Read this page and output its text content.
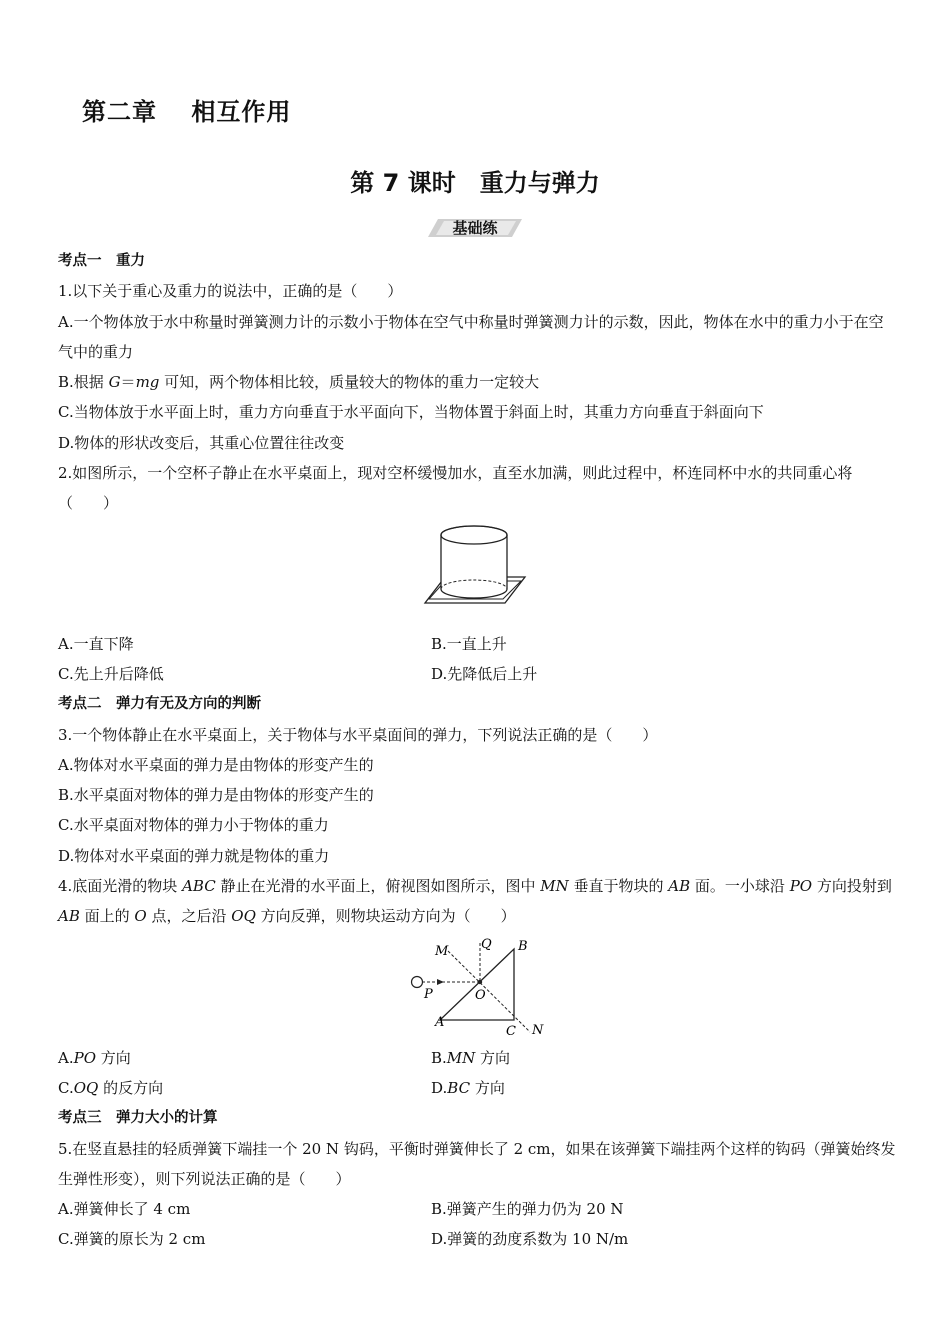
第二章　 相互作用
第 7 课时　重力与弹力
基础练
考点一　重力
1.以下关于重心及重力的说法中，正确的是（　　）
A.一个物体放于水中称量时弹簧测力计的示数小于物体在空气中称量时弹簧测力计的示数，因此，物体在水中的重力小于在空气中的重力
B.根据 G＝mg 可知，两个物体相比较，质量较大的物体的重力一定较大
C.当物体放于水平面上时，重力方向垂直于水平面向下，当物体置于斜面上时，其重力方向垂直于斜面向下
D.物体的形状改变后，其重心位置往往改变
2.如图所示，一个空杯子静止在水平桌面上，现对空杯缓慢加水，直至水加满，则此过程中，杯连同杯中水的共同重心将（　　）
A.一直下降	B.一直上升
C.先上升后降低	D.先降低后上升
考点二　弹力有无及方向的判断
3.一个物体静止在水平桌面上，关于物体与水平桌面间的弹力，下列说法正确的是（　　）
A.物体对水平桌面的弹力是由物体的形变产生的
B.水平桌面对物体的弹力是由物体的形变产生的
C.水平桌面对物体的弹力小于物体的重力
D.物体对水平桌面的弹力就是物体的重力
4.底面光滑的物块 ABC 静止在光滑的水平面上，俯视图如图所示，图中 MN 垂直于物块的 AB 面。一小球沿 PO 方向投射到 AB 面上的 O 点，之后沿 OQ 方向反弹，则物块运动方向为（　　）
M	Q B
P	O
A
C N
A.PO 方向	B.MN 方向
C.OQ 的反方向	D.BC 方向
考点三　弹力大小的计算
5.在竖直悬挂的轻质弹簧下端挂一个 20 N 钩码，平衡时弹簧伸长了 2 cm，如果在该弹簧下端挂两个这样的钩码（弹簧始终发生弹性形变），则下列说法正确的是（　　）
A.弹簧伸长了 4 cm	B.弹簧产生的弹力仍为 20 N
C.弹簧的原长为 2 cm	D.弹簧的劲度系数为 10 N/m
